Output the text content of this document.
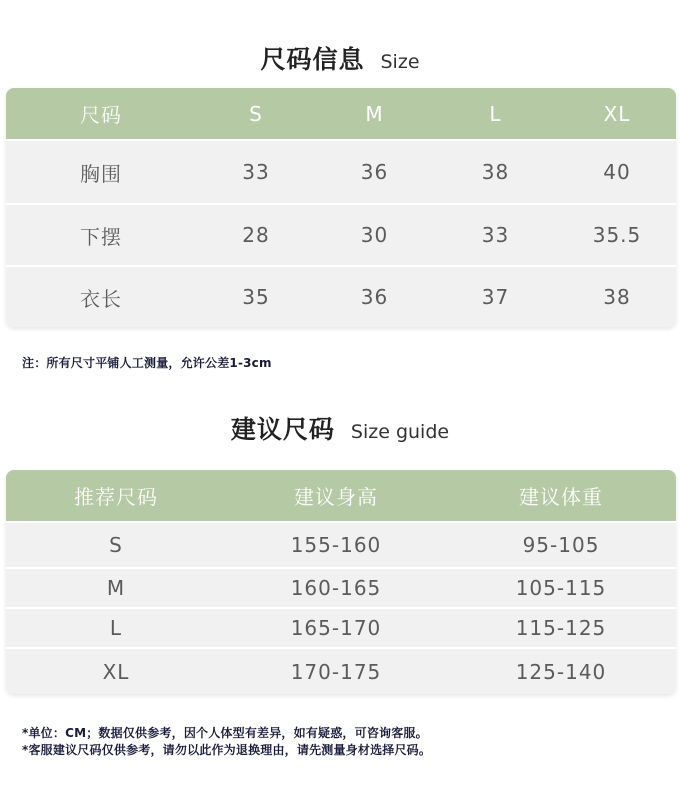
尺码信息 Size
尺码	S	M	L	XL
胸围	33	36	38	40
下摆	28	30	33	35.5
衣长	35	36	37	38
注：所有尺寸平铺人工测量，允许公差1-3cm
建议尺码 Size guide
推荐尺码	建议身高	建议体重
S	155-160	95-105
M	160-165	105-115
L	165-170	115-125
XL	170-175	125-140
*单位：CM；数据仅供参考，因个人体型有差异，如有疑惑，可咨询客服。
*客服建议尺码仅供参考，请勿以此作为退换理由，请先测量身材选择尺码。
